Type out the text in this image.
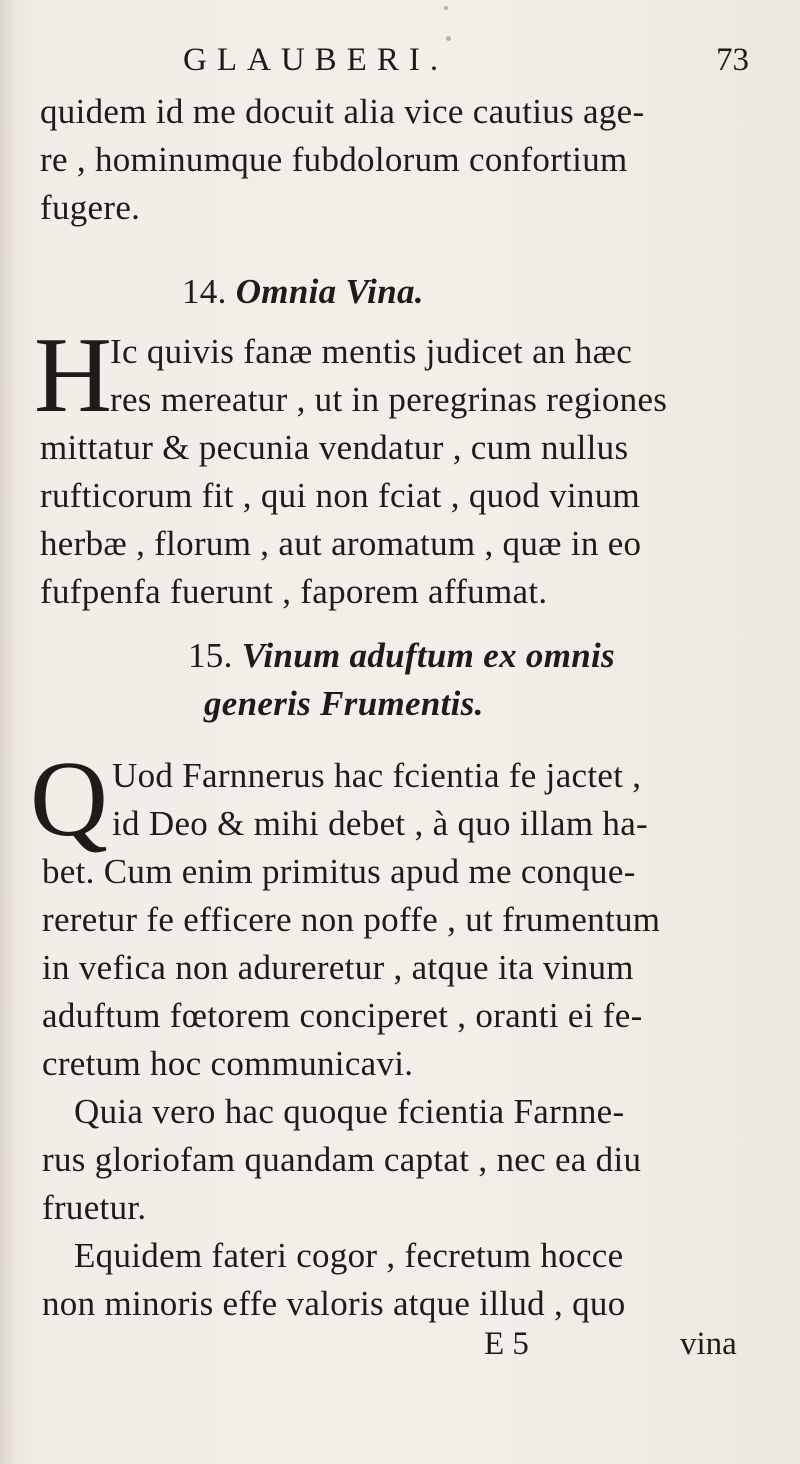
GLAUBERI.	73
quidem id me docuit alia vice cautius age-
re , hominumque fubdolorum confortium
fugere.
14. Omnia Vina.
H
Ic quivis fanæ mentis judicet an hæc
res mereatur , ut in peregrinas regiones
mittatur & pecunia vendatur , cum nullus
rufticorum fit , qui non fciat , quod vinum
herbæ , florum , aut aromatum , quæ in eo
fufpenfa fuerunt , faporem affumat.
15. Vinum aduftum ex omnis
generis Frumentis.
Q Uod Farnnerus hac fcientia fe jactet ,
id Deo & mihi debet , à quo illam ha-
bet. Cum enim primitus apud me conque-
reretur fe efficere non poffe , ut frumentum
in vefica non adureretur , atque ita vinum
aduftum fœtorem conciperet , oranti ei fe-
cretum hoc communicavi.
Quia vero hac quoque fcientia Farnne-
rus gloriofam quandam captat , nec ea diu
fruetur.
Equidem fateri cogor , fecretum hocce
non minoris effe valoris atque illud , quo
E 5	vina
